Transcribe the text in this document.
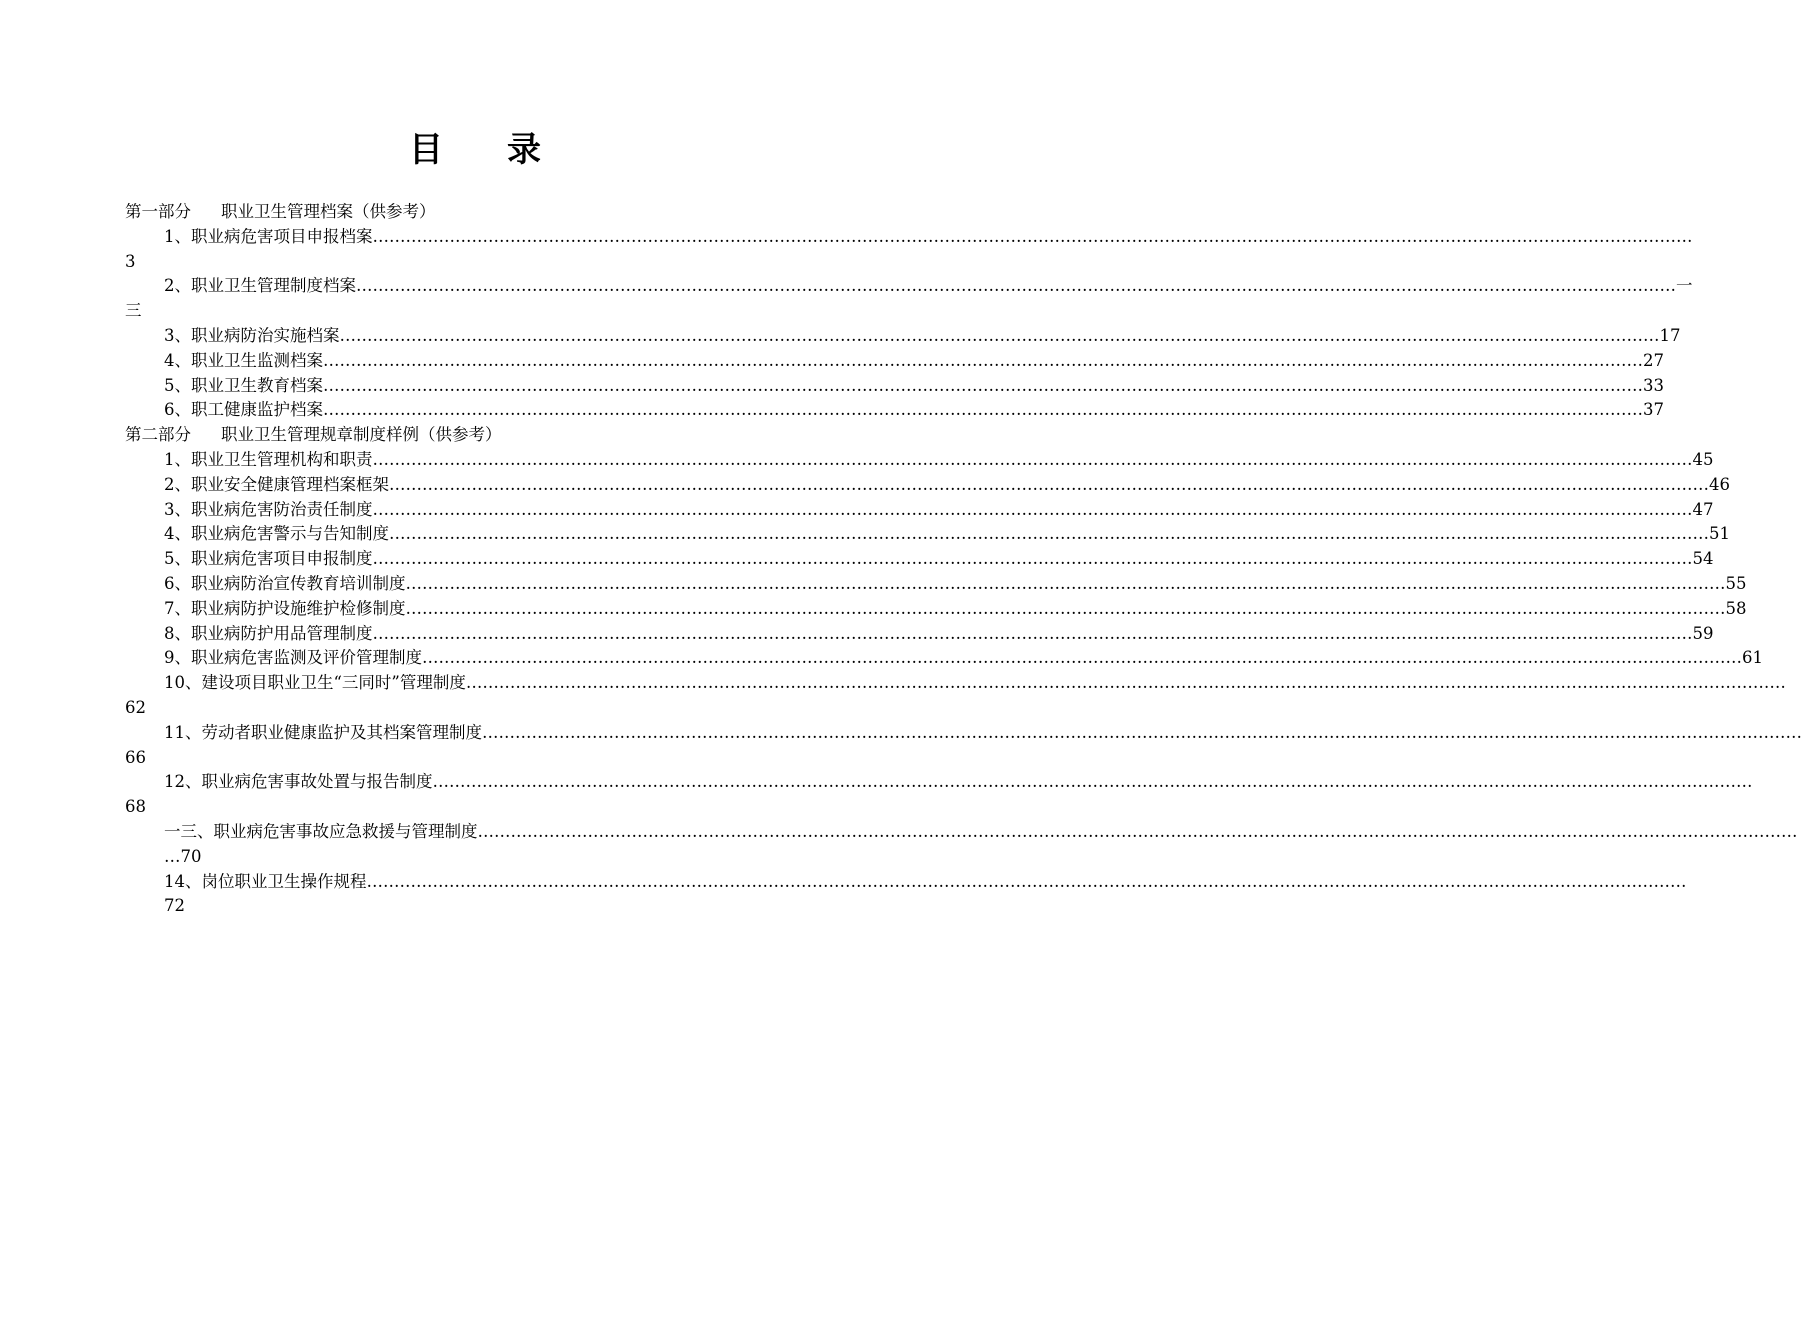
目 录
第一部分 职业卫生管理档案（供参考）
1、职业病危害项目申报档案 ……………………………………………………………………………………………………………………………………………………………………………………………………………………
3
2、职业卫生管理制度档案 …………………………………………………………………………………………………………………………………………………………………………………………………………………… 一
三
3、职业病防治实施档案 …………………………………………………………………………………………………………………………………………………………………………………………………………………… 17
4、职业卫生监测档案 …………………………………………………………………………………………………………………………………………………………………………………………………………………… 27
5、职业卫生教育档案 …………………………………………………………………………………………………………………………………………………………………………………………………………………… 33
6、职工健康监护档案 …………………………………………………………………………………………………………………………………………………………………………………………………………………… 37
第二部分 职业卫生管理规章制度样例（供参考）
1、职业卫生管理机构和职责 …………………………………………………………………………………………………………………………………………………………………………………………………………………… 45
2、职业安全健康管理档案框架 …………………………………………………………………………………………………………………………………………………………………………………………………………………… 46
3、职业病危害防治责任制度 …………………………………………………………………………………………………………………………………………………………………………………………………………………… 47
4、职业病危害警示与告知制度 …………………………………………………………………………………………………………………………………………………………………………………………………………………… 51
5、职业病危害项目申报制度 …………………………………………………………………………………………………………………………………………………………………………………………………………………… 54
6、职业病防治宣传教育培训制度 …………………………………………………………………………………………………………………………………………………………………………………………………………………… 55
7、职业病防护设施维护检修制度 …………………………………………………………………………………………………………………………………………………………………………………………………………………… 58
8、职业病防护用品管理制度 …………………………………………………………………………………………………………………………………………………………………………………………………………………… 59
9、职业病危害监测及评价管理制度 …………………………………………………………………………………………………………………………………………………………………………………………………………………… 61
10、建设项目职业卫生“三同时”管理制度 ……………………………………………………………………………………………………………………………………………………………………………………………………………………
62
11、劳动者职业健康监护及其档案管理制度 ……………………………………………………………………………………………………………………………………………………………………………………………………………………
66
12、职业病危害事故处置与报告制度 ……………………………………………………………………………………………………………………………………………………………………………………………………………………
68
一三、职业病危害事故应急救援与管理制度 ……………………………………………………………………………………………………………………………………………………………………………………………………………………
…70
14、岗位职业卫生操作规程 ……………………………………………………………………………………………………………………………………………………………………………………………………………………
72
